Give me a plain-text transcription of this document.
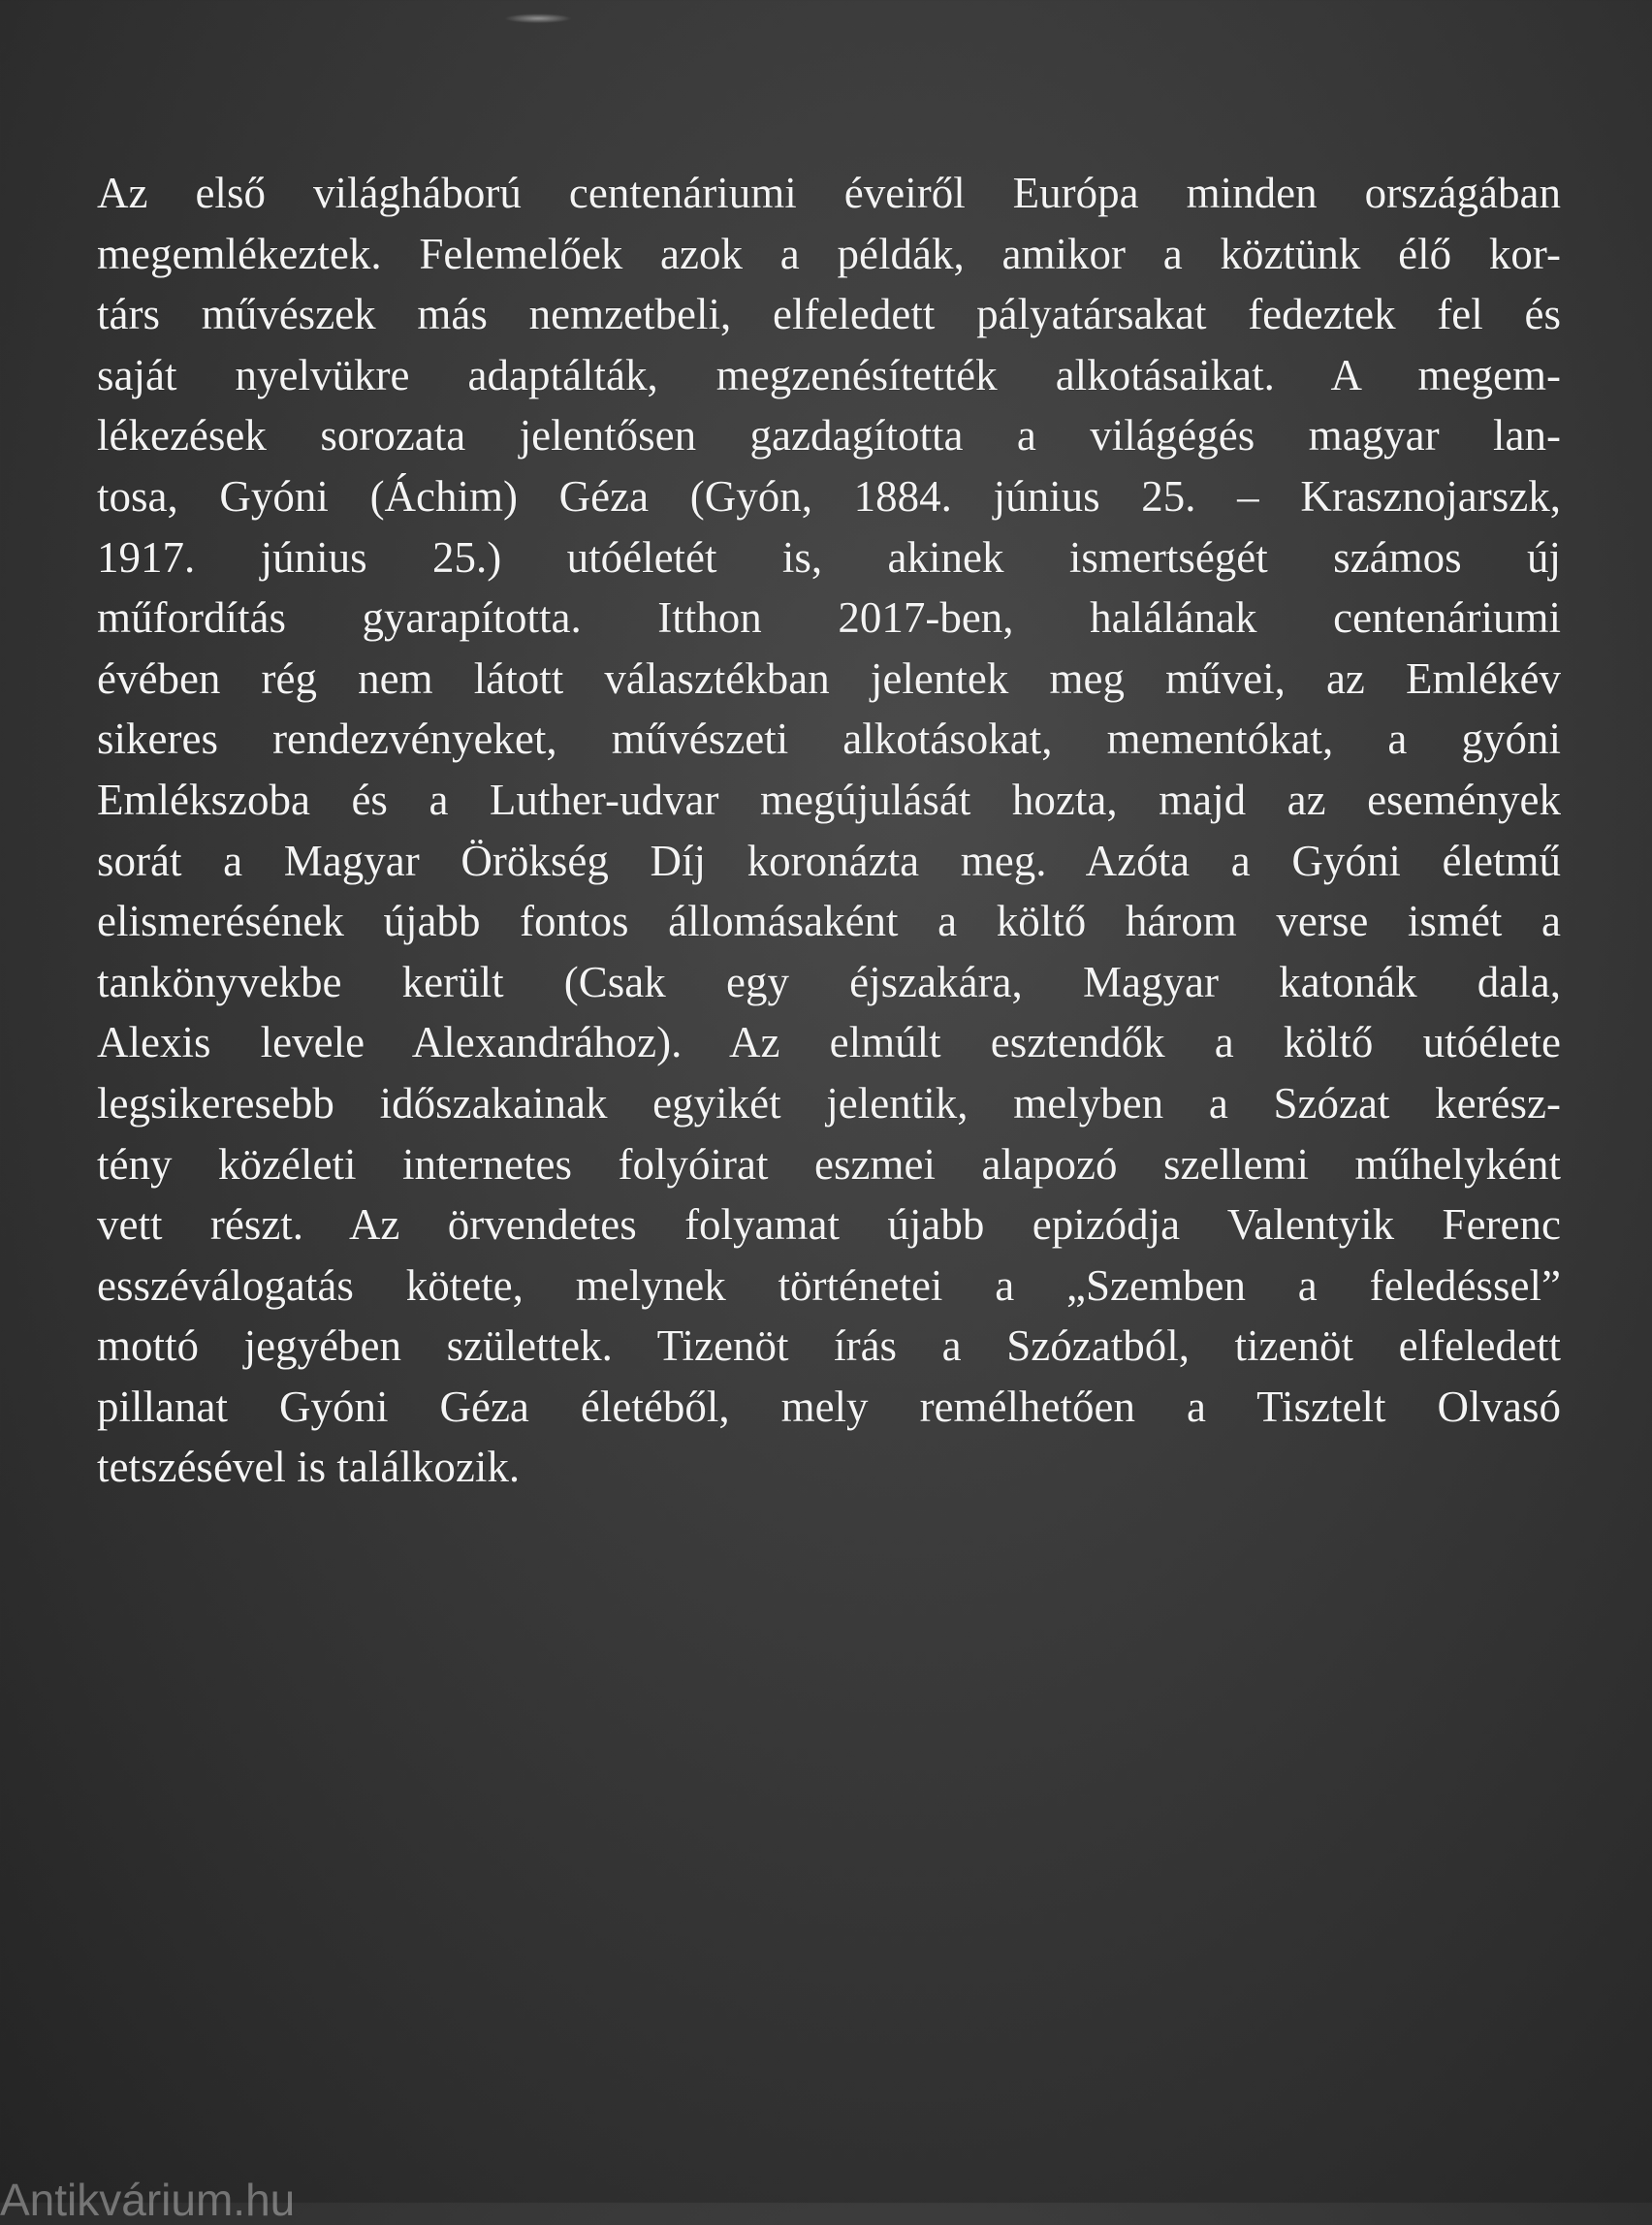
Az első világháború centenáriumi éveiről Európa minden országában
megemlékeztek. Felemelőek azok a példák, amikor a köztünk élő kor-
társ művészek más nemzetbeli, elfeledett pályatársakat fedeztek fel és
saját nyelvükre adaptálták, megzenésítették alkotásaikat. A megem-
lékezések sorozata jelentősen gazdagította a világégés magyar lan-
tosa, Gyóni (Áchim) Géza (Gyón, 1884. június 25. – Krasznojarszk,
1917. június 25.) utóéletét is, akinek ismertségét számos új
műfordítás gyarapította. Itthon 2017-ben, halálának centenáriumi
évében rég nem látott választékban jelentek meg művei, az Emlékév
sikeres rendezvényeket, művészeti alkotásokat, mementókat, a gyóni
Emlékszoba és a Luther-udvar megújulását hozta, majd az események
sorát a Magyar Örökség Díj koronázta meg. Azóta a Gyóni életmű
elismerésének újabb fontos állomásaként a költő három verse ismét a
tankönyvekbe került (Csak egy éjszakára, Magyar katonák dala,
Alexis levele Alexandrához). Az elmúlt esztendők a költő utóélete
legsikeresebb időszakainak egyikét jelentik, melyben a Szózat kerész-
tény közéleti internetes folyóirat eszmei alapozó szellemi műhelyként
vett részt. Az örvendetes folyamat újabb epizódja Valentyik Ferenc
esszéválogatás kötete, melynek történetei a „Szemben a feledéssel”
mottó jegyében születtek. Tizenöt írás a Szózatból, tizenöt elfeledett
pillanat Gyóni Géza életéből, mely remélhetően a Tisztelt Olvasó
tetszésével is találkozik.
Antikvárium.hu
